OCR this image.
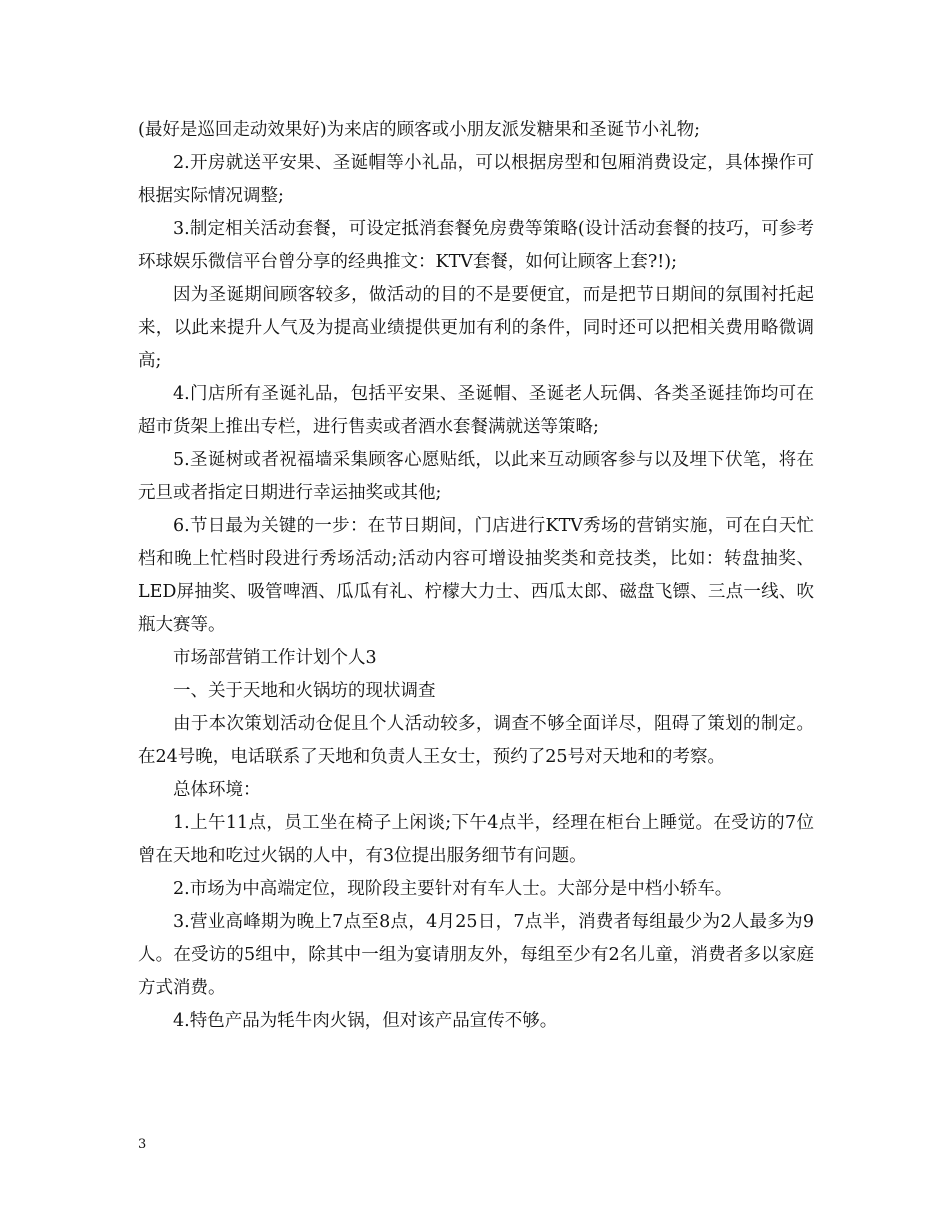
(最好是巡回走动效果好)为来店的顾客或小朋友派发糖果和圣诞节小礼物;

2.开房就送平安果、圣诞帽等小礼品，可以根据房型和包厢消费设定，具体操作可根据实际情况调整;

3.制定相关活动套餐，可设定抵消套餐免房费等策略(设计活动套餐的技巧，可参考环球娱乐微信平台曾分享的经典推文：KTV套餐，如何让顾客上套?!);

因为圣诞期间顾客较多，做活动的目的不是要便宜，而是把节日期间的氛围衬托起来，以此来提升人气及为提高业绩提供更加有利的条件，同时还可以把相关费用略微调高;

4.门店所有圣诞礼品，包括平安果、圣诞帽、圣诞老人玩偶、各类圣诞挂饰均可在超市货架上推出专栏，进行售卖或者酒水套餐满就送等策略;

5.圣诞树或者祝福墙采集顾客心愿贴纸，以此来互动顾客参与以及埋下伏笔，将在元旦或者指定日期进行幸运抽奖或其他;

6.节日最为关键的一步：在节日期间，门店进行KTV秀场的营销实施，可在白天忙档和晚上忙档时段进行秀场活动;活动内容可增设抽奖类和竞技类，比如：转盘抽奖、LED屏抽奖、吸管啤酒、瓜瓜有礼、柠檬大力士、西瓜太郎、磁盘飞镖、三点一线、吹瓶大赛等。

市场部营销工作计划个人3

一、关于天地和火锅坊的现状调查

由于本次策划活动仓促且个人活动较多，调查不够全面详尽，阻碍了策划的制定。在24号晚，电话联系了天地和负责人王女士，预约了25号对天地和的考察。

总体环境：

1.上午11点，员工坐在椅子上闲谈;下午4点半，经理在柜台上睡觉。在受访的7位曾在天地和吃过火锅的人中，有3位提出服务细节有问题。

2.市场为中高端定位，现阶段主要针对有车人士。大部分是中档小轿车。

3.营业高峰期为晚上7点至8点，4月25日，7点半，消费者每组最少为2人最多为9人。在受访的5组中，除其中一组为宴请朋友外，每组至少有2名儿童，消费者多以家庭方式消费。

4.特色产品为牦牛肉火锅，但对该产品宣传不够。

3
